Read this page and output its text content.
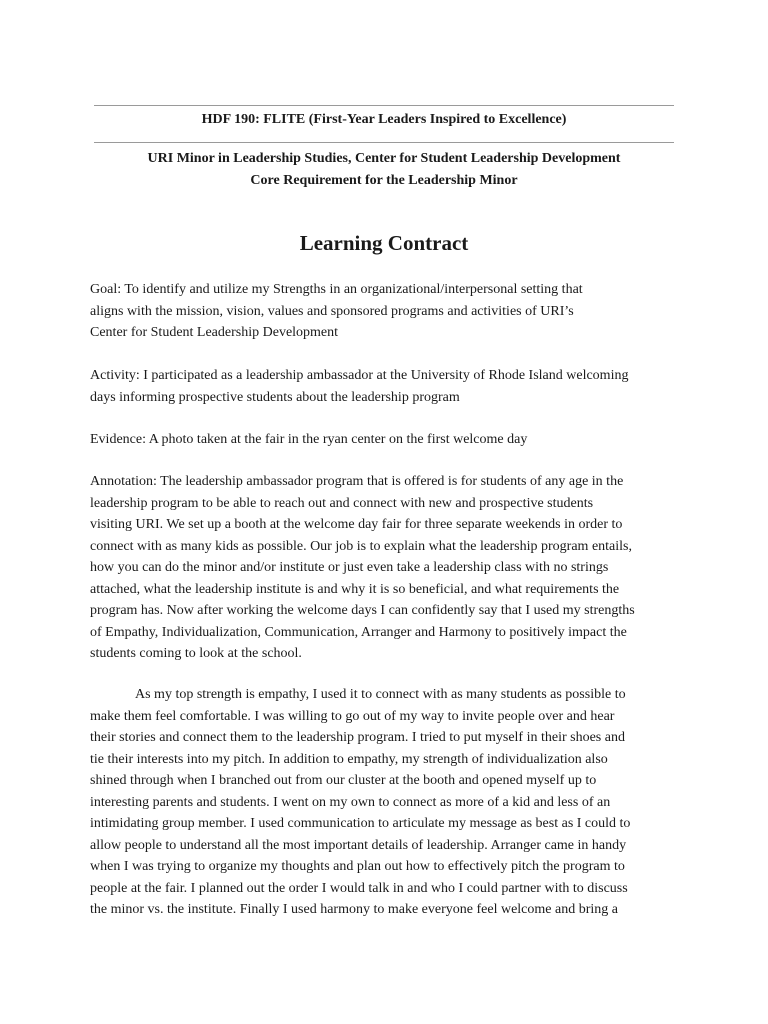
HDF 190: FLITE (First-Year Leaders Inspired to Excellence)
URI Minor in Leadership Studies, Center for Student Leadership Development
Core Requirement for the Leadership Minor
Learning Contract

Goal: To identify and utilize my Strengths in an organizational/interpersonal setting that
aligns with the mission, vision, values and sponsored programs and activities of URI’s
Center for Student Leadership Development

Activity: I participated as a leadership ambassador at the University of Rhode Island welcoming
days informing prospective students about the leadership program

Evidence: A photo taken at the fair in the ryan center on the first welcome day

Annotation: The leadership ambassador program that is offered is for students of any age in the
leadership program to be able to reach out and connect with new and prospective students
visiting URI. We set up a booth at the welcome day fair for three separate weekends in order to
connect with as many kids as possible. Our job is to explain what the leadership program entails,
how you can do the minor and/or institute or just even take a leadership class with no strings
attached, what the leadership institute is and why it is so beneficial, and what requirements the
program has. Now after working the welcome days I can confidently say that I used my strengths
of Empathy, Individualization, Communication, Arranger and Harmony to positively impact the
students coming to look at the school.

As my top strength is empathy, I used it to connect with as many students as possible to
make them feel comfortable. I was willing to go out of my way to invite people over and hear
their stories and connect them to the leadership program. I tried to put myself in their shoes and
tie their interests into my pitch. In addition to empathy, my strength of individualization also
shined through when I branched out from our cluster at the booth and opened myself up to
interesting parents and students. I went on my own to connect as more of a kid and less of an
intimidating group member. I used communication to articulate my message as best as I could to
allow people to understand all the most important details of leadership. Arranger came in handy
when I was trying to organize my thoughts and plan out how to effectively pitch the program to
people at the fair. I planned out the order I would talk in and who I could partner with to discuss
the minor vs. the institute. Finally I used harmony to make everyone feel welcome and bring a
